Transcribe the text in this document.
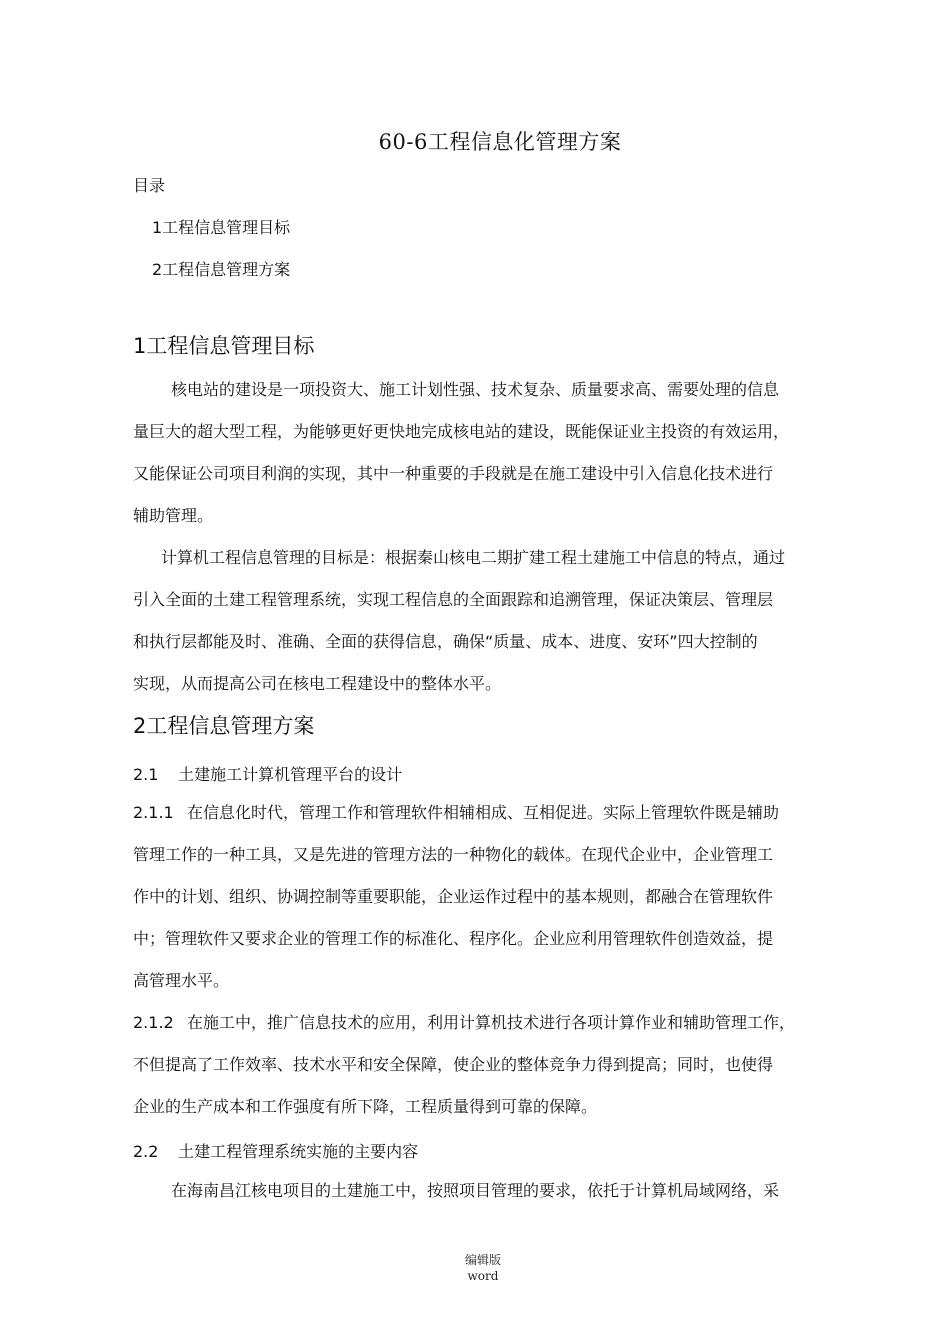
60-6工程信息化管理方案
目录
1工程信息管理目标
2工程信息管理方案
1工程信息管理目标
核电站的建设是一项投资大、施工计划性强、技术复杂、质量要求高、需要处理的信息
量巨大的超大型工程，为能够更好更快地完成核电站的建设，既能保证业主投资的有效运用，
又能保证公司项目利润的实现，其中一种重要的手段就是在施工建设中引入信息化技术进行
辅助管理。
计算机工程信息管理的目标是：根据秦山核电二期扩建工程土建施工中信息的特点，通过
引入全面的土建工程管理系统，实现工程信息的全面跟踪和追溯管理，保证决策层、管理层
和执行层都能及时、准确、全面的获得信息，确保“质量、成本、进度、安环”四大控制的
实现，从而提高公司在核电工程建设中的整体水平。
2工程信息管理方案
2.1 土建施工计算机管理平台的设计
2.1.1 在信息化时代，管理工作和管理软件相辅相成、互相促进。实际上管理软件既是辅助
管理工作的一种工具，又是先进的管理方法的一种物化的载体。在现代企业中，企业管理工
作中的计划、组织、协调控制等重要职能，企业运作过程中的基本规则，都融合在管理软件
中；管理软件又要求企业的管理工作的标准化、程序化。企业应利用管理软件创造效益，提
高管理水平。
2.1.2 在施工中，推广信息技术的应用，利用计算机技术进行各项计算作业和辅助管理工作，
不但提高了工作效率、技术水平和安全保障，使企业的整体竞争力得到提高；同时，也使得
企业的生产成本和工作强度有所下降，工程质量得到可靠的保障。
2.2 土建工程管理系统实施的主要内容
在海南昌江核电项目的土建施工中，按照项目管理的要求，依托于计算机局域网络，采
编辑版
word
